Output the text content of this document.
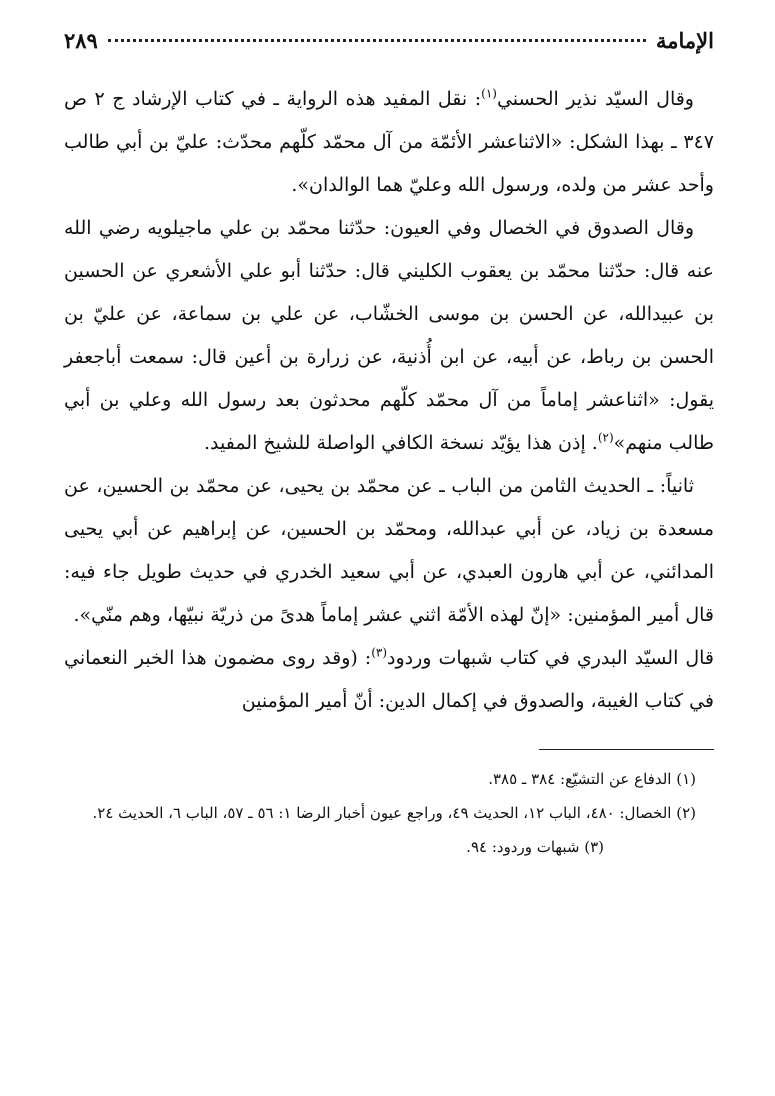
الإمامة
٢٨٩

وقال السيّد نذير الحسني$^{(١)}$: نقل المفيد هذه الرواية ـ في كتاب الإرشاد ج ٢ ص ٣٤٧ ـ بهذا الشكل: «الاثناعشر الأئمّة من آل محمّد كلّهم محدّث: عليّ بن أبي طالب‏‏ وأحد عشر من ولده، ورسول الله وعليّ هما الوالدان».

وقال الصدوق‏ في الخصال وفي العيون: حدّثنا محمّد بن علي ماجيلويه رضي الله عنه قال: حدّثنا محمّد بن يعقوب الكليني قال: حدّثنا أبو علي الأشعري عن الحسين بن عبيدالله، عن الحسن بن موسى الخشّاب، عن علي بن سماعة، عن عليّ بن الحسن بن رباط، عن أبيه، عن ابن أُذنية، عن زرارة بن أعين قال: سمعت أباجعفر‏ يقول: «اثناعشر إماماً من آل محمّد‏ كلّهم محدثون بعد رسول الله‏ وعلي بن أبي طالب‏ منهم»$^{(٢)}$. إذن هذا يؤيّد نسخة الكافي الواصلة للشيخ المفيد‏.

ثانياً: ـ الحديث الثامن من الباب ـ عن محمّد بن يحيى، عن محمّد بن الحسين، عن مسعدة بن زياد، عن أبي عبدالله، ومحمّد بن الحسين، عن إبراهيم عن أبي يحيى المدائني، عن أبي هارون العبدي، عن أبي سعيد الخدري في حديث طويل جاء فيه: قال أمير المؤمنين‏: «إنّ لهذه الأمّة اثني عشر إماماً هدىً من ذريّة نبيّها، وهم منّي».

قال السيّد البدري في كتاب شبهات وردود$^{(٣)}$: (وقد روى مضمون هذا الخبر النعماني في كتاب الغيبة، والصدوق في إكمال الدين: أنّ أمير المؤمنين‏

(١) الدفاع عن التشيّع: ٣٨٤ ـ ٣٨٥.

(٢) الخصال: ٤٨٠، الباب ١٢، الحديث ٤٩، وراجع عيون أخبار الرضا‏ ١: ٥٦ ـ ٥٧، الباب ٦، الحديث ٢٤.

(٣) شبهات وردود: ٩٤.
